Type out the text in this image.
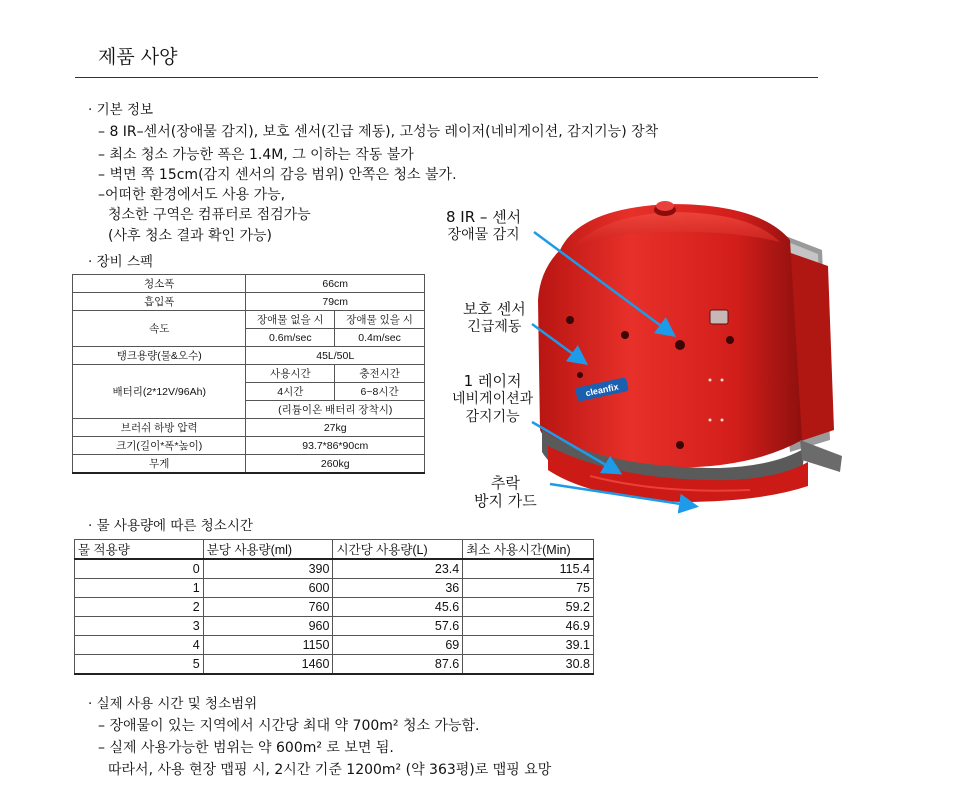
제품 사양
· 기본 정보
– 8 IR–센서(장애물 감지), 보호 센서(긴급 제동), 고성능 레이저(네비게이션, 감지기능) 장착
– 최소 청소 가능한 폭은 1.4M, 그 이하는 작동 불가
– 벽면 쪽 15cm(감지 센서의 감응 범위) 안쪽은 청소 불가.
–어떠한 환경에서도 사용 가능,
청소한 구역은 컴퓨터로 점검가능
(사후 청소 결과 확인 가능)
· 장비 스펙
청소폭	66cm	
흡입폭	79cm	
속도	장애물 없을 시	장애물 있을 시
	0.6m/sec	0.4m/sec
탱크용량(물&오수)	45L/50L	
배터리(2*12V/96Ah)	사용시간	충전시간
	4시간	6~8시간
	(리튬이온 배터리 장착시)	
브러쉬 하방 압력	27kg	
크기(길이*폭*높이)	93.7*86*90cm	
무게	260kg	
· 물 사용량에 따른 청소시간
물 적용량	분당 사용량(ml)	시간당 사용량(L)	최소 사용시간(Min)
0	390	23.4	115.4
1	600	36	75
2	760	45.6	59.2
3	960	57.6	46.9
4	1150	69	39.1
5	1460	87.6	30.8
· 실제 사용 시간 및 청소범위
– 장애물이 있는 지역에서 시간당 최대 약 700m² 청소 가능함.
– 실제 사용가능한 범위는 약 600m² 로 보면 됨.
따라서, 사용 현장 맵핑 시, 2시간 기준 1200m² (약 363평)로 맵핑 요망
cleanfix
8 IR – 센서
장애물 감지
보호 센서
긴급제동
1 레이저
네비게이션과
감지기능
추락
방지 가드
